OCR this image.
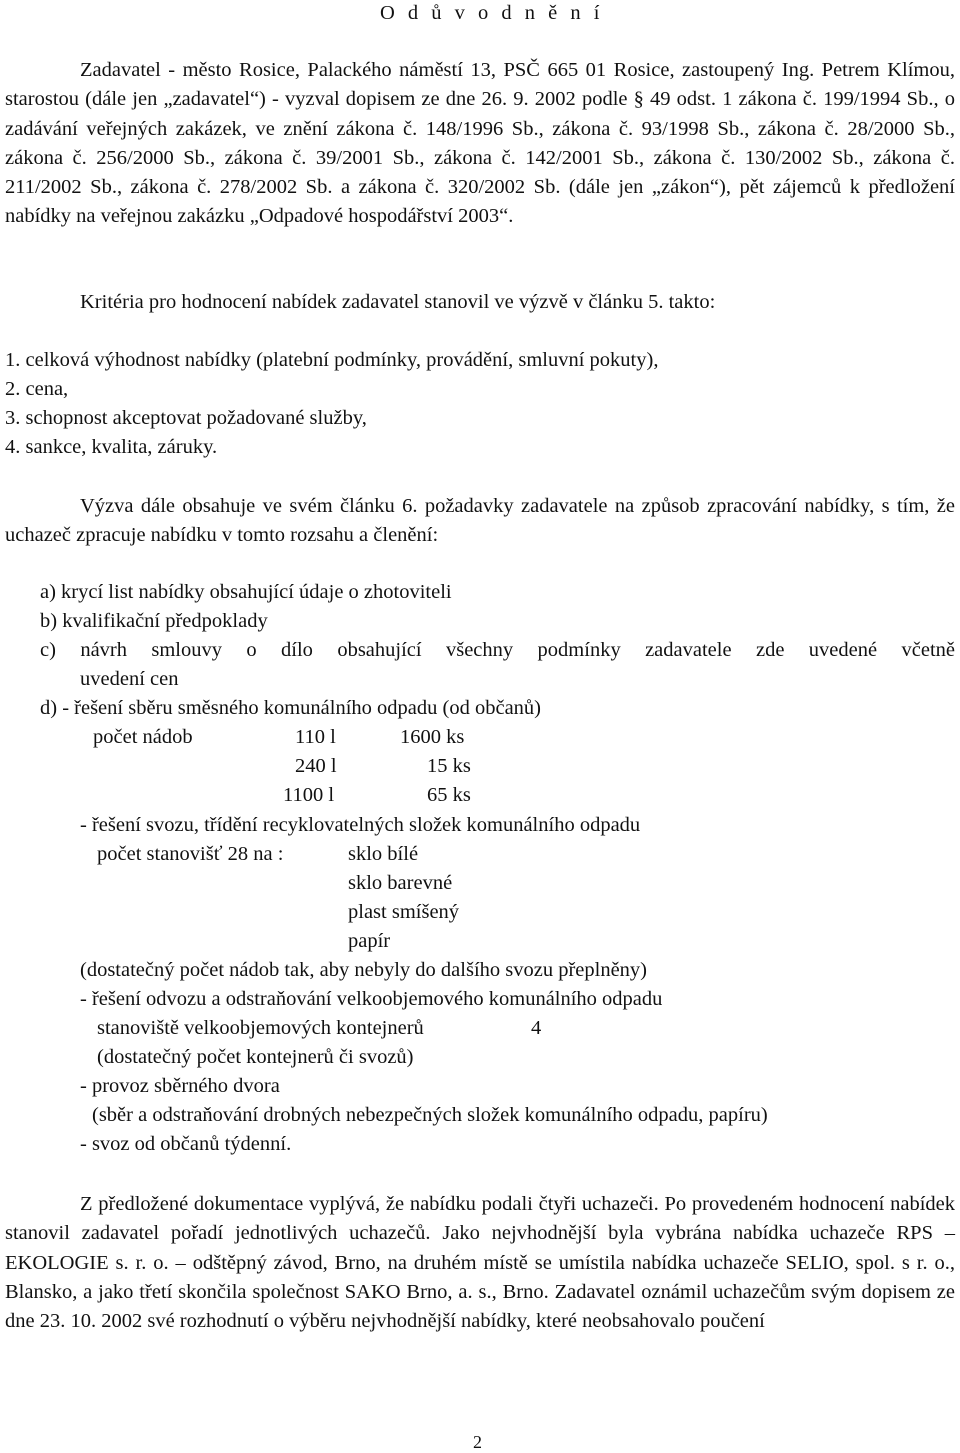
O d ů v o d n ě n í
Zadavatel - město Rosice, Palackého náměstí 13, PSČ 665 01 Rosice, zastoupený Ing. Petrem Klímou, starostou (dále jen „zadavatel“) - vyzval dopisem ze dne 26. 9. 2002 podle § 49 odst. 1 zákona č. 199/1994 Sb., o zadávání veřejných zakázek, ve znění zákona č. 148/1996 Sb., zákona č. 93/1998 Sb., zákona č. 28/2000 Sb., zákona č. 256/2000 Sb., zákona č. 39/2001 Sb., zákona č. 142/2001 Sb., zákona č. 130/2002 Sb., zákona č. 211/2002 Sb., zákona č. 278/2002 Sb. a zákona č. 320/2002 Sb. (dále jen „zákon“), pět zájemců k předložení nabídky na veřejnou zakázku „Odpadové hospodářství 2003“.
Kritéria pro hodnocení nabídek zadavatel stanovil ve výzvě v článku 5. takto:
1. celková výhodnost nabídky (platební podmínky, provádění, smluvní pokuty),
2. cena,
3. schopnost akceptovat požadované služby,
4. sankce, kvalita, záruky.
Výzva dále obsahuje ve svém článku 6. požadavky zadavatele na způsob zpracování nabídky, s tím, že uchazeč zpracuje nabídku v tomto rozsahu a členění:
a) krycí list nabídky obsahující údaje o zhotoviteli
b) kvalifikační předpoklady
c) návrh smlouvy o dílo obsahující všechny podmínky zadavatele zde uvedené včetně
uvedení cen
d) - řešení sběru směsného komunálního odpadu (od občanů)
počet nádob	110 l	1600 ks
240 l	15 ks
1100 l	65 ks
- řešení svozu, třídění recyklovatelných složek komunálního odpadu
počet stanovišť 28 na :	sklo bílé
sklo barevné
plast smíšený
papír
(dostatečný počet nádob tak, aby nebyly do dalšího svozu přeplněny)
- řešení odvozu a odstraňování velkoobjemového komunálního odpadu
stanoviště velkoobjemových kontejnerů	4
(dostatečný počet kontejnerů či svozů)
- provoz sběrného dvora
(sběr a odstraňování drobných nebezpečných složek komunálního odpadu, papíru)
- svoz od občanů týdenní.
Z předložené dokumentace vyplývá, že nabídku podali čtyři uchazeči. Po provedeném hodnocení nabídek stanovil zadavatel pořadí jednotlivých uchazečů. Jako nejvhodnější byla vybrána nabídka uchazeče RPS – EKOLOGIE s. r. o. – odštěpný závod, Brno, na druhém místě se umístila nabídka uchazeče SELIO, spol. s r. o., Blansko, a jako třetí skončila společnost SAKO Brno, a. s., Brno. Zadavatel oznámil uchazečům svým dopisem ze dne 23. 10. 2002 své rozhodnutí o výběru nejvhodnější nabídky, které neobsahovalo poučení
2
